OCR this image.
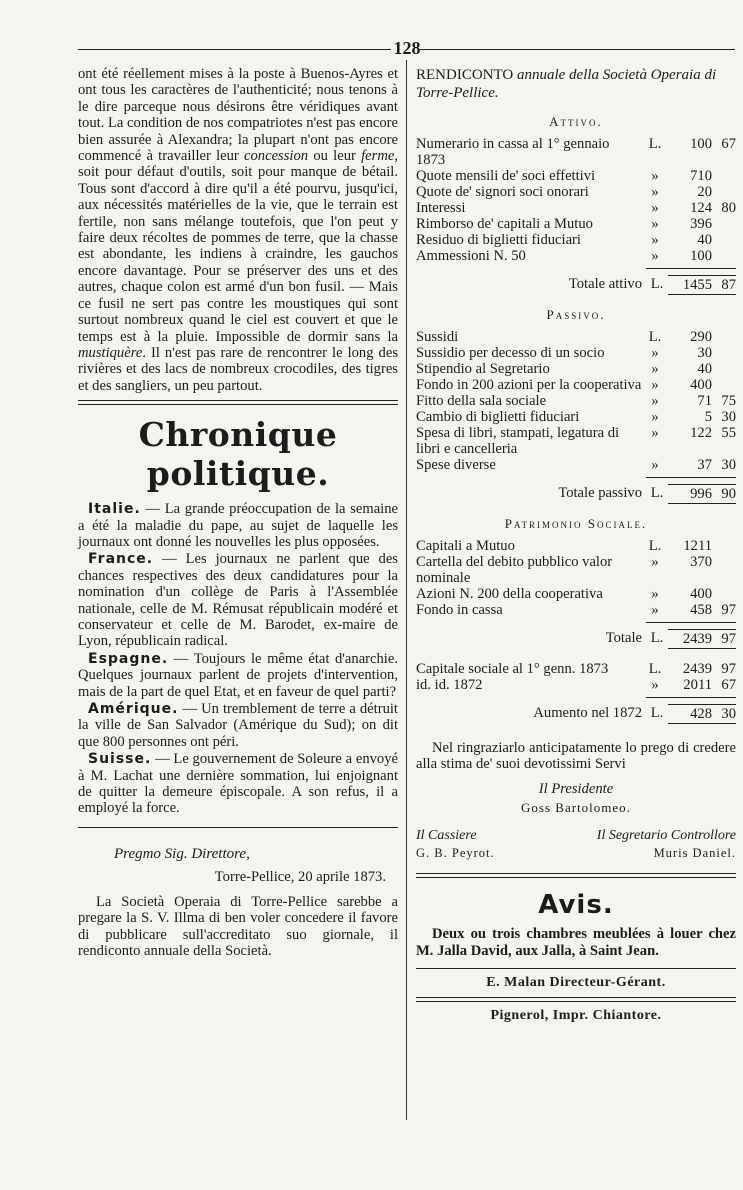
128
ont été réellement mises à la poste à Buenos-Ayres et ont tous les caractères de l'authenticité; nous tenons à le dire parceque nous désirons être véridiques avant tout. La condition de nos compatriotes n'est pas encore bien assurée à Alexandra; la plupart n'ont pas encore commencé à travailler leur concession ou leur ferme, soit pour défaut d'outils, soit pour manque de bétail. Tous sont d'accord à dire qu'il a été pourvu, jusqu'ici, aux nécessités matérielles de la vie, que le terrain est fertile, non sans mélange toutefois, que l'on peut y faire deux récoltes de pommes de terre, que la chasse est abondante, les indiens à craindre, les gauchos encore davantage. Pour se préserver des uns et des autres, chaque colon est armé d'un bon fusil. — Mais ce fusil ne sert pas contre les moustiques qui sont surtout nombreux quand le ciel est couvert et que le temps est à la pluie. Impossible de dormir sans la mustiquère. Il n'est pas rare de rencontrer le long des rivières et des lacs de nombreux crocodiles, des tigres et des sangliers, un peu partout.
Chronique politique.
Italie. — La grande préoccupation de la semaine a été la maladie du pape, au sujet de laquelle les journaux ont donné les nouvelles les plus opposées.
France. — Les journaux ne parlent que des chances respectives des deux candidatures pour la nomination d'un collège de Paris à l'Assemblée nationale, celle de M. Rémusat républicain modéré et conservateur et celle de M. Barodet, ex-maire de Lyon, républicain radical.
Espagne. — Toujours le même état d'anarchie. Quelques journaux parlent de projets d'intervention, mais de la part de quel Etat, et en faveur de quel parti?
Amérique. — Un tremblement de terre a détruit la ville de San Salvador (Amérique du Sud); on dit que 800 personnes ont péri.
Suisse. — Le gouvernement de Soleure a envoyé à M. Lachat une dernière sommation, lui enjoignant de quitter la demeure épiscopale. A son refus, il a employé la force.
Pregmo Sig. Direttore,
Torre-Pellice, 20 aprile 1873.
La Società Operaia di Torre-Pellice sarebbe a pregare la S. V. Illma di ben voler concedere il favore di pubblicare sull'accreditato suo giornale, il rendiconto annuale della Società.
RENDICONTO annuale della Società Operaia di Torre-Pellice.
Attivo.
Numerario in cassa al 1° gennaio 1873
L.	100 67
Quote mensili de' soci effettivi	»	710
Quote de' signori soci onorari	»	20
Interessi	»	124 80
Rimborso de' capitali a Mutuo	»	396
Residuo di biglietti fiduciari	»	40
Ammessioni N. 50	»	100
Totale attivo L.	1455 87
Passivo.
Sussidi	L.	290
Sussidio per decesso di un socio	»	30
Stipendio al Segretario	»	40
Fondo in 200 azioni per la cooperativa »	400
Fitto della sala sociale	»	71 75
Cambio di biglietti fiduciari	»	5 30
Spesa di libri, stampati, legatura di libri e cancelleria
»	122 55
Spese diverse	»	37 30
Totale passivo L.	996 90
Patrimonio Sociale.
Capitali a Mutuo	L.	1211
Cartella del debito pubblico valor nominale
»	370
Azioni N. 200 della cooperativa	»	400
Fondo in cassa	»	458 97
Totale L.	2439 97
Capitale sociale al 1° genn. 1873	L.	2439 97
id. id. 1872	»	2011 67
Aumento nel 1872 L.	428 30
Nel ringraziarlo anticipatamente lo prego di credere alla stima de' suoi devotissimi Servi
Il Presidente
Goss Bartolomeo.
Il Cassiere	Il Segretario Controllore
G. B. Peyrot.	Muris Daniel.
Avis.
Deux ou trois chambres meublées à louer chez M. Jalla David, aux Jalla, à Saint Jean.
E. Malan Directeur-Gérant.
Pignerol, Impr. Chiantore.
